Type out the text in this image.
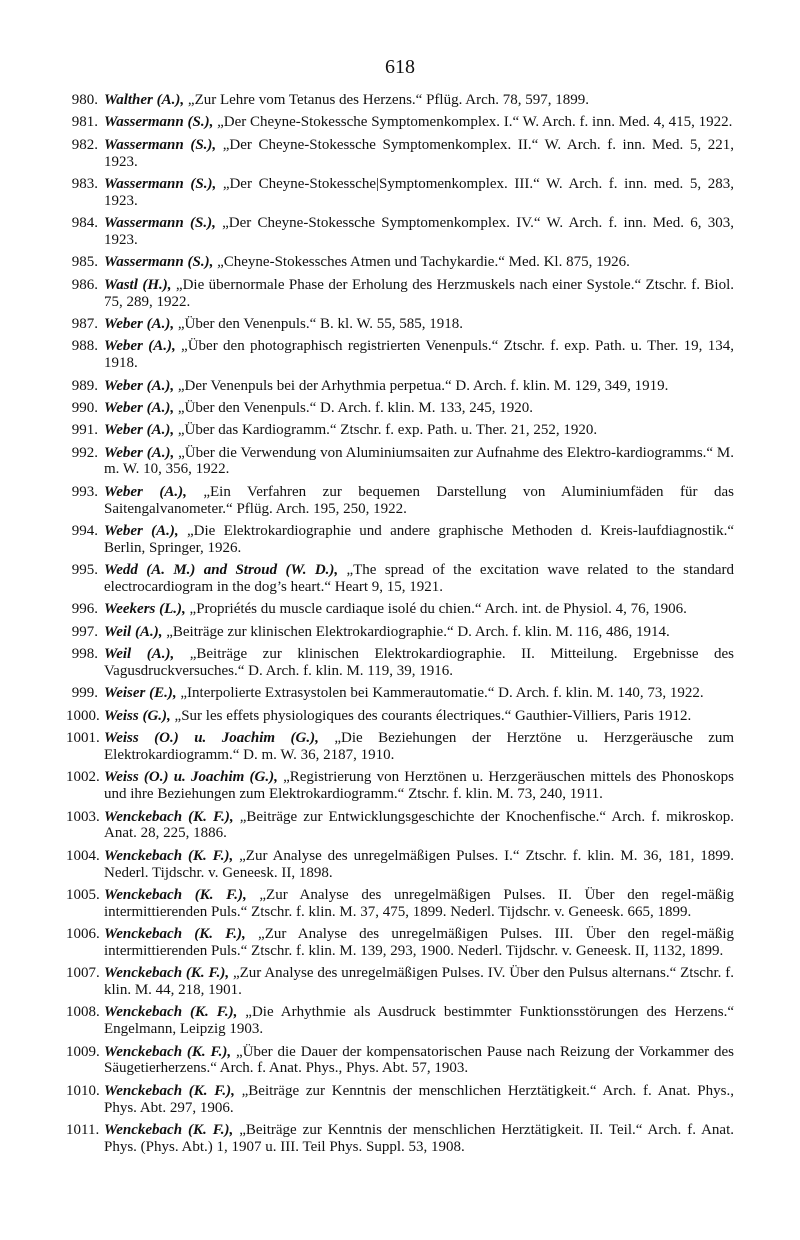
618
980. Walther (A.), „Zur Lehre vom Tetanus des Herzens.“ Pflüg. Arch. 78, 597, 1899.
981. Wassermann (S.), „Der Cheyne-Stokessche Symptomenkomplex. I.“ W. Arch. f. inn. Med. 4, 415, 1922.
982. Wassermann (S.), „Der Cheyne-Stokessche Symptomenkomplex. II.“ W. Arch. f. inn. Med. 5, 221, 1923.
983. Wassermann (S.), „Der Cheyne-Stokessche|Symptomenkomplex. III.“ W. Arch. f. inn. med. 5, 283, 1923.
984. Wassermann (S.), „Der Cheyne-Stokessche Symptomenkomplex. IV.“ W. Arch. f. inn. Med. 6, 303, 1923.
985. Wassermann (S.), „Cheyne-Stokessches Atmen und Tachykardie.“ Med. Kl. 875, 1926.
986. Wastl (H.), „Die übernormale Phase der Erholung des Herzmuskels nach einer Systole.“ Ztschr. f. Biol. 75, 289, 1922.
987. Weber (A.), „Über den Venenpuls.“ B. kl. W. 55, 585, 1918.
988. Weber (A.), „Über den photographisch registrierten Venenpuls.“ Ztschr. f. exp. Path. u. Ther. 19, 134, 1918.
989. Weber (A.), „Der Venenpuls bei der Arhythmia perpetua.“ D. Arch. f. klin. M. 129, 349, 1919.
990. Weber (A.), „Über den Venenpuls.“ D. Arch. f. klin. M. 133, 245, 1920.
991. Weber (A.), „Über das Kardiogramm.“ Ztschr. f. exp. Path. u. Ther. 21, 252, 1920.
992. Weber (A.), „Über die Verwendung von Aluminiumsaiten zur Aufnahme des Elektro-kardiogramms.“ M. m. W. 10, 356, 1922.
993. Weber (A.), „Ein Verfahren zur bequemen Darstellung von Aluminiumfäden für das Saitengalvanometer.“ Pflüg. Arch. 195, 250, 1922.
994. Weber (A.), „Die Elektrokardiographie und andere graphische Methoden d. Kreis-laufdiagnostik.“ Berlin, Springer, 1926.
995. Wedd (A. M.) and Stroud (W. D.), „The spread of the excitation wave related to the standard electrocardiogram in the dog’s heart.“ Heart 9, 15, 1921.
996. Weekers (L.), „Propriétés du muscle cardiaque isolé du chien.“ Arch. int. de Physiol. 4, 76, 1906.
997. Weil (A.), „Beiträge zur klinischen Elektrokardiographie.“ D. Arch. f. klin. M. 116, 486, 1914.
998. Weil (A.), „Beiträge zur klinischen Elektrokardiographie. II. Mitteilung. Ergebnisse des Vagusdruckversuches.“ D. Arch. f. klin. M. 119, 39, 1916.
999. Weiser (E.), „Interpolierte Extrasystolen bei Kammerautomatie.“ D. Arch. f. klin. M. 140, 73, 1922.
1000. Weiss (G.), „Sur les effets physiologiques des courants électriques.“ Gauthier-Villiers, Paris 1912.
1001. Weiss (O.) u. Joachim (G.), „Die Beziehungen der Herztöne u. Herzgeräusche zum Elektrokardiogramm.“ D. m. W. 36, 2187, 1910.
1002. Weiss (O.) u. Joachim (G.), „Registrierung von Herztönen u. Herzgeräuschen mittels des Phonoskops und ihre Beziehungen zum Elektrokardiogramm.“ Ztschr. f. klin. M. 73, 240, 1911.
1003. Wenckebach (K. F.), „Beiträge zur Entwicklungsgeschichte der Knochenfische.“ Arch. f. mikroskop. Anat. 28, 225, 1886.
1004. Wenckebach (K. F.), „Zur Analyse des unregelmäßigen Pulses. I.“ Ztschr. f. klin. M. 36, 181, 1899. Nederl. Tijdschr. v. Geneesk. II, 1898.
1005. Wenckebach (K. F.), „Zur Analyse des unregelmäßigen Pulses. II. Über den regel-mäßig intermittierenden Puls.“ Ztschr. f. klin. M. 37, 475, 1899. Nederl. Tijdschr. v. Geneesk. 665, 1899.
1006. Wenckebach (K. F.), „Zur Analyse des unregelmäßigen Pulses. III. Über den regel-mäßig intermittierenden Puls.“ Ztschr. f. klin. M. 139, 293, 1900. Nederl. Tijdschr. v. Geneesk. II, 1132, 1899.
1007. Wenckebach (K. F.), „Zur Analyse des unregelmäßigen Pulses. IV. Über den Pulsus alternans.“ Ztschr. f. klin. M. 44, 218, 1901.
1008. Wenckebach (K. F.), „Die Arhythmie als Ausdruck bestimmter Funktionsstörungen des Herzens.“ Engelmann, Leipzig 1903.
1009. Wenckebach (K. F.), „Über die Dauer der kompensatorischen Pause nach Reizung der Vorkammer des Säugetierherzens.“ Arch. f. Anat. Phys., Phys. Abt. 57, 1903.
1010. Wenckebach (K. F.), „Beiträge zur Kenntnis der menschlichen Herztätigkeit.“ Arch. f. Anat. Phys., Phys. Abt. 297, 1906.
1011. Wenckebach (K. F.), „Beiträge zur Kenntnis der menschlichen Herztätigkeit. II. Teil.“ Arch. f. Anat. Phys. (Phys. Abt.) 1, 1907 u. III. Teil Phys. Suppl. 53, 1908.
